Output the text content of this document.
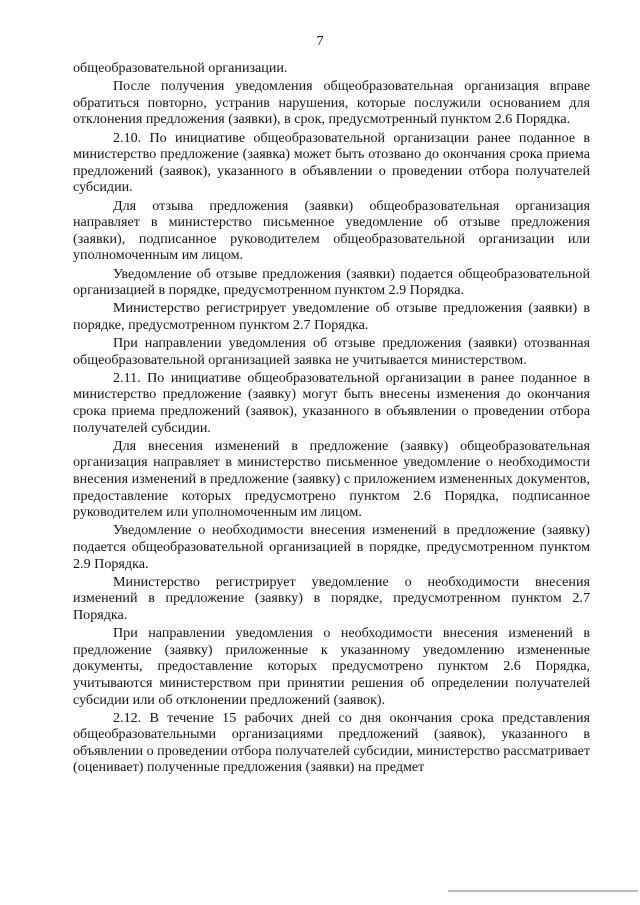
7

общеобразовательной организации.

После получения уведомления общеобразовательная организация вправе обратиться повторно, устранив нарушения, которые послужили основанием для отклонения предложения (заявки), в срок, предусмотренный пунктом 2.6 Порядка.

2.10. По инициативе общеобразовательной организации ранее поданное в министерство предложение (заявка) может быть отозвано до окончания срока приема предложений (заявок), указанного в объявлении о проведении отбора получателей субсидии.

Для отзыва предложения (заявки) общеобразовательная организация направляет в министерство письменное уведомление об отзыве предложения (заявки), подписанное руководителем общеобразовательной организации или уполномоченным им лицом.

Уведомление об отзыве предложения (заявки) подается общеобразовательной организацией в порядке, предусмотренном пунктом 2.9 Порядка.

Министерство регистрирует уведомление об отзыве предложения (заявки) в порядке, предусмотренном пунктом 2.7 Порядка.

При направлении уведомления об отзыве предложения (заявки) отозванная общеобразовательной организацией заявка не учитывается министерством.

2.11. По инициативе общеобразовательной организации в ранее поданное в министерство предложение (заявку) могут быть внесены изменения до окончания срока приема предложений (заявок), указанного в объявлении о проведении отбора получателей субсидии.

Для внесения изменений в предложение (заявку) общеобразовательная организация направляет в министерство письменное уведомление о необходимости внесения изменений в предложение (заявку) с приложением измененных документов, предоставление которых предусмотрено пунктом 2.6 Порядка, подписанное руководителем или уполномоченным им лицом.

Уведомление о необходимости внесения изменений в предложение (заявку) подается общеобразовательной организацией в порядке, предусмотренном пунктом 2.9 Порядка.

Министерство регистрирует уведомление о необходимости внесения изменений в предложение (заявку) в порядке, предусмотренном пунктом 2.7 Порядка.

При направлении уведомления о необходимости внесения изменений в предложение (заявку) приложенные к указанному уведомлению измененные документы, предоставление которых предусмотрено пунктом 2.6 Порядка, учитываются министерством при принятии решения об определении получателей субсидии или об отклонении предложений (заявок).

2.12. В течение 15 рабочих дней со дня окончания срока представления общеобразовательными организациями предложений (заявок), указанного в объявлении о проведении отбора получателей субсидии, министерство рассматривает (оценивает) полученные предложения (заявки) на предмет
